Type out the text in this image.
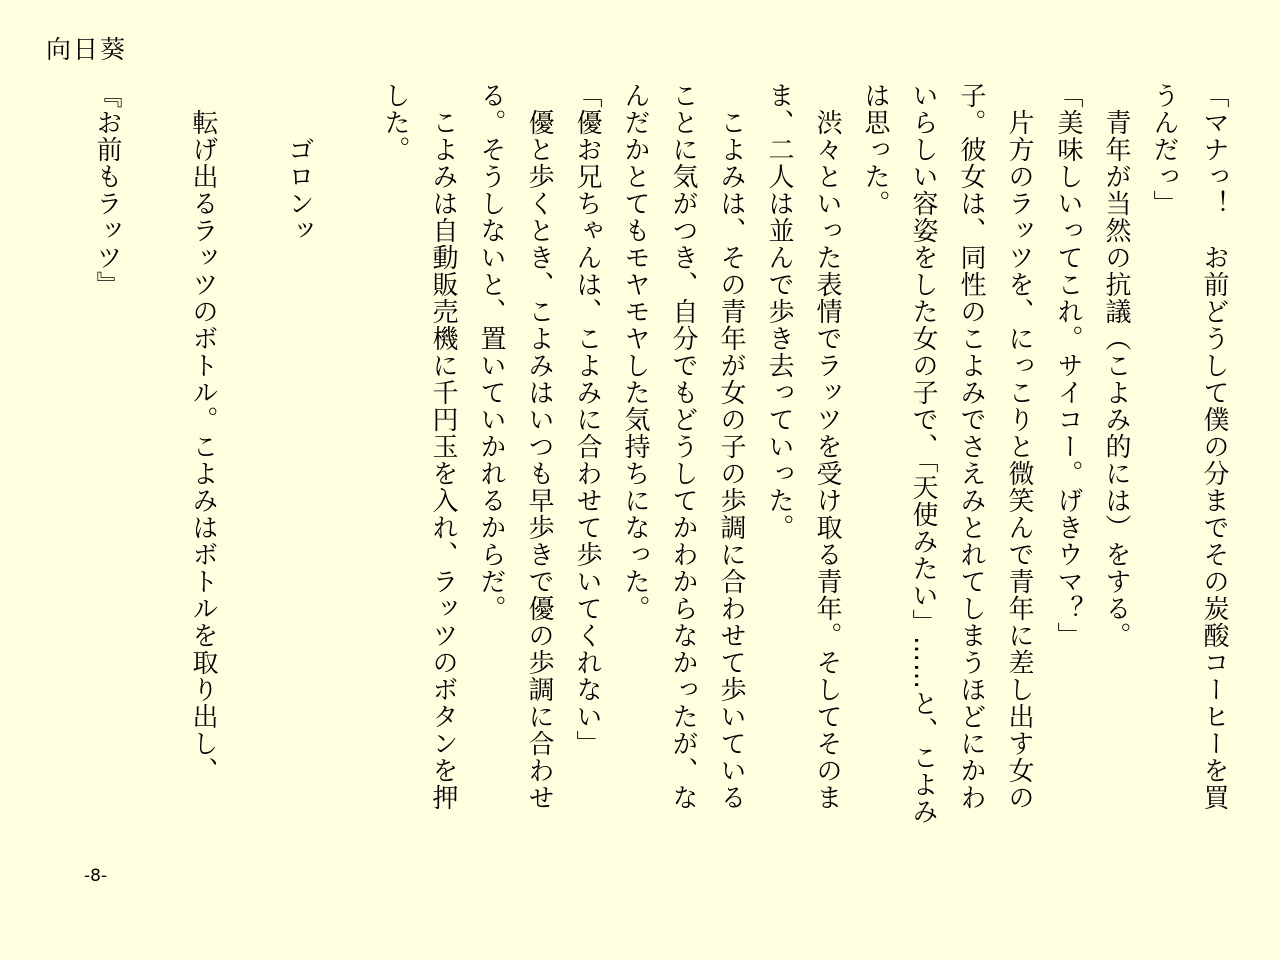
向日葵
「マナっ！　お前どうして僕の分までその炭酸コーヒーを買
うんだっ」
　青年が当然の抗議（こよみ的には）をする。
「美味しいってこれ。サイコー。げきウマ？」
　片方のラッツを、にっこりと微笑んで青年に差し出す女の
子。彼女は、同性のこよみでさえみとれてしまうほどにかわ
いらしい容姿をした女の子で、「天使みたい」……と、こよみ
は思った。
　渋々といった表情でラッツを受け取る青年。そしてそのま
ま、二人は並んで歩き去っていった。
　こよみは、その青年が女の子の歩調に合わせて歩いている
ことに気がつき、自分でもどうしてかわからなかったが、な
んだかとてもモヤモヤした気持ちになった。
「優お兄ちゃんは、こよみに合わせて歩いてくれない」
　優と歩くとき、こよみはいつも早歩きで優の歩調に合わせ
る。そうしないと、置いていかれるからだ。
　こよみは自動販売機に千円玉を入れ、ラッツのボタンを押
した。
　　ゴロンッ
　転げ出るラッツのボトル。こよみはボトルを取り出し、
『お前もラッツ』
-8-
